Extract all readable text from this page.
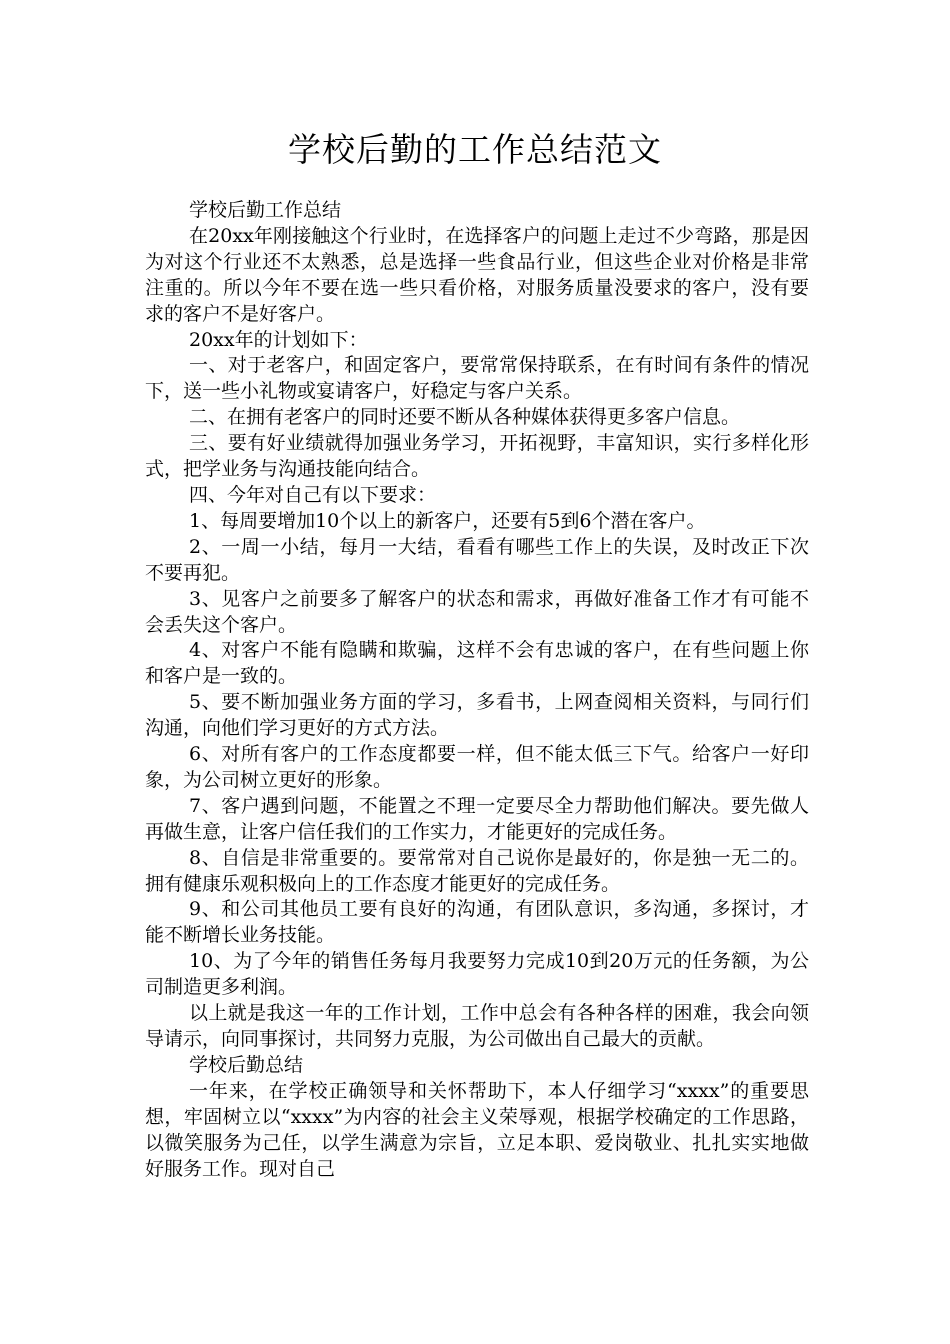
学校后勤的工作总结范文

学校后勤工作总结

在20xx年刚接触这个行业时，在选择客户的问题上走过不少弯路，那是因为对这个行业还不太熟悉，总是选择一些食品行业，但这些企业对价格是非常注重的。所以今年不要在选一些只看价格，对服务质量没要求的客户，没有要求的客户不是好客户。

20xx年的计划如下：

一、对于老客户，和固定客户，要常常保持联系，在有时间有条件的情况下，送一些小礼物或宴请客户，好稳定与客户关系。

二、在拥有老客户的同时还要不断从各种媒体获得更多客户信息。

三、要有好业绩就得加强业务学习，开拓视野，丰富知识，实行多样化形式，把学业务与沟通技能向结合。

四、今年对自己有以下要求：

1、每周要增加10个以上的新客户，还要有5到6个潜在客户。

2、一周一小结，每月一大结，看看有哪些工作上的失误，及时改正下次不要再犯。

3、见客户之前要多了解客户的状态和需求，再做好准备工作才有可能不会丢失这个客户。

4、对客户不能有隐瞒和欺骗，这样不会有忠诚的客户，在有些问题上你和客户是一致的。

5、要不断加强业务方面的学习，多看书，上网查阅相关资料，与同行们沟通，向他们学习更好的方式方法。

6、对所有客户的工作态度都要一样，但不能太低三下气。给客户一好印象，为公司树立更好的形象。

7、客户遇到问题，不能置之不理一定要尽全力帮助他们解决。要先做人再做生意，让客户信任我们的工作实力，才能更好的完成任务。

8、自信是非常重要的。要常常对自己说你是最好的，你是独一无二的。拥有健康乐观积极向上的工作态度才能更好的完成任务。

9、和公司其他员工要有良好的沟通，有团队意识，多沟通，多探讨，才能不断增长业务技能。

10、为了今年的销售任务每月我要努力完成10到20万元的任务额，为公司制造更多利润。

以上就是我这一年的工作计划，工作中总会有各种各样的困难，我会向领导请示，向同事探讨，共同努力克服，为公司做出自己最大的贡献。

学校后勤总结

一年来，在学校正确领导和关怀帮助下，本人仔细学习“xxxx”的重要思想，牢固树立以“xxxx”为内容的社会主义荣辱观，根据学校确定的工作思路，以微笑服务为己任，以学生满意为宗旨，立足本职、爱岗敬业、扎扎实实地做好服务工作。现对自己
